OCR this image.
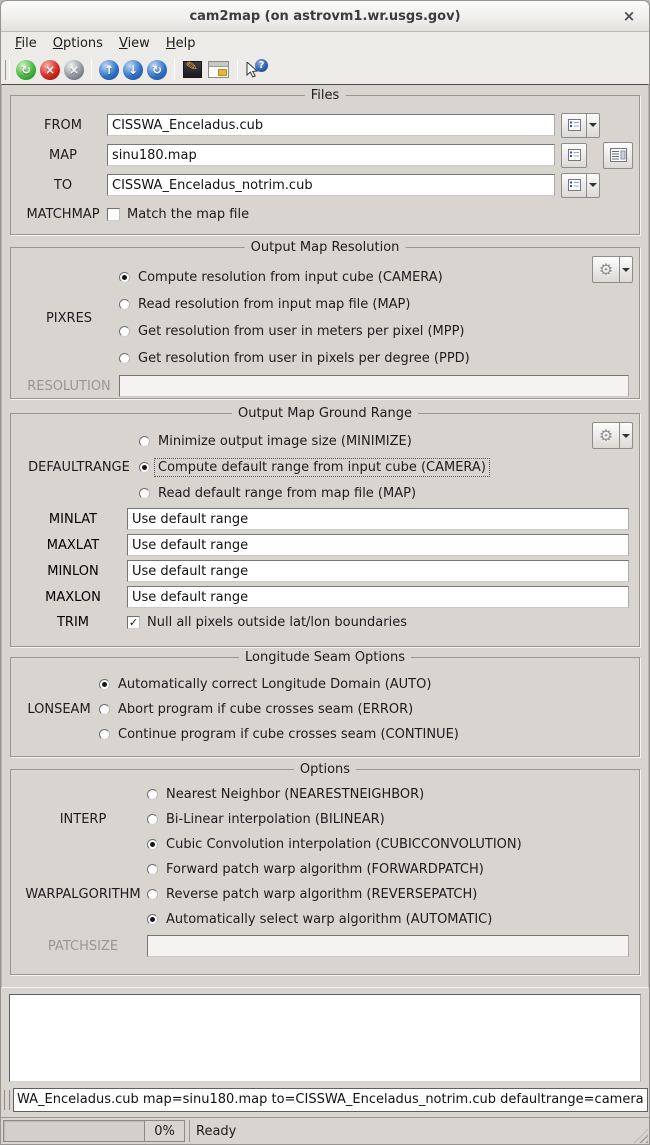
cam2map (on astrovm1.wr.usgs.gov)	×
File	Options	View	Help
↻ × × ↑ ↓ ↻ ✎	?
Files
FROM
CISSWA_Enceladus.cub
MAP
sinu180.map
TO
CISSWA_Enceladus_notrim.cub
MATCHMAP	Match the map file
Output Map Resolution
⚙
PIXRES
Compute resolution from input cube (CAMERA)
Read resolution from input map file (MAP)
Get resolution from user in meters per pixel (MPP)
Get resolution from user in pixels per degree (PPD)
RESOLUTION
Output Map Ground Range
⚙
DEFAULTRANGE
Minimize output image size (MINIMIZE)
Compute default range from input cube (CAMERA)
Read default range from map file (MAP)
MINLAT
Use default range
MAXLAT
Use default range
MINLON
Use default range
MAXLON
Use default range
TRIM	✓ Null all pixels outside lat/lon boundaries
Longitude Seam Options
LONSEAM
Automatically correct Longitude Domain (AUTO)
Abort program if cube crosses seam (ERROR)
Continue program if cube crosses seam (CONTINUE)
Options
INTERP
Nearest Neighbor (NEARESTNEIGHBOR)
Bi-Linear interpolation (BILINEAR)
Cubic Convolution interpolation (CUBICCONVOLUTION)
WARPALGORITHM
Forward patch warp algorithm (FORWARDPATCH)
Reverse patch warp algorithm (REVERSEPATCH)
Automatically select warp algorithm (AUTOMATIC)
PATCHSIZE
WA_Enceladus.cub map=sinu180.map to=CISSWA_Enceladus_notrim.cub defaultrange=camera trim=yes
0%	Ready
